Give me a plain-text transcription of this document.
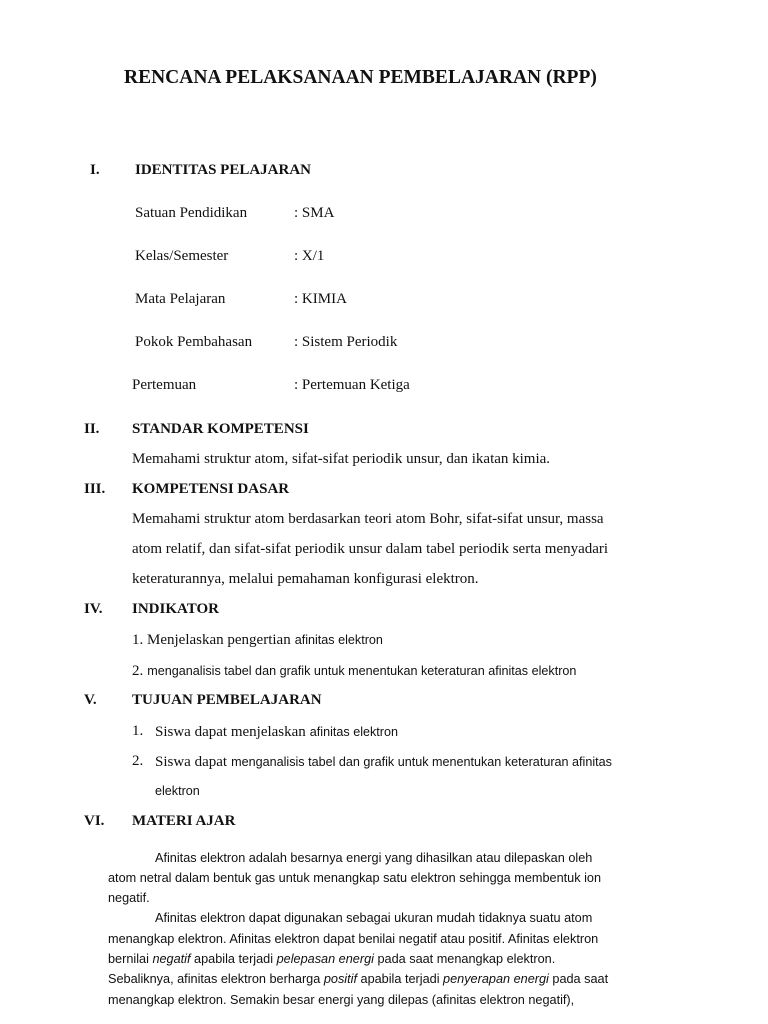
RENCANA PELAKSANAAN PEMBELAJARAN (RPP)
I. IDENTITAS PELAJARAN
Satuan Pendidikan	: SMA
Kelas/Semester	: X/1
Mata Pelajaran	: KIMIA
Pokok Pembahasan	: Sistem Periodik
Pertemuan	: Pertemuan Ketiga
II. STANDAR KOMPETENSI
Memahami struktur atom, sifat-sifat periodik unsur, dan ikatan kimia.
III. KOMPETENSI DASAR
Memahami struktur atom berdasarkan teori atom Bohr, sifat-sifat unsur, massa
atom relatif, dan sifat-sifat periodik unsur dalam tabel periodik serta menyadari
keteraturannya, melalui pemahaman konfigurasi elektron.
IV. INDIKATOR
1. Menjelaskan pengertian afinitas elektron
2. menganalisis tabel dan grafik untuk menentukan keteraturan afinitas elektron
V. TUJUAN PEMBELAJARAN
1. Siswa dapat menjelaskan afinitas elektron
2. Siswa dapat menganalisis tabel dan grafik untuk menentukan keteraturan afinitas
elektron
VI. MATERI AJAR
Afinitas elektron adalah besarnya energi yang dihasilkan atau dilepaskan oleh
atom netral dalam bentuk gas untuk menangkap satu elektron sehingga membentuk ion
negatif.
Afinitas elektron dapat digunakan sebagai ukuran mudah tidaknya suatu atom
menangkap elektron. Afinitas elektron dapat benilai negatif atau positif. Afinitas elektron
bernilai negatif apabila terjadi pelepasan energi pada saat menangkap elektron.
Sebaliknya, afinitas elektron berharga positif apabila terjadi penyerapan energi pada saat
menangkap elektron. Semakin besar energi yang dilepas (afinitas elektron negatif),
